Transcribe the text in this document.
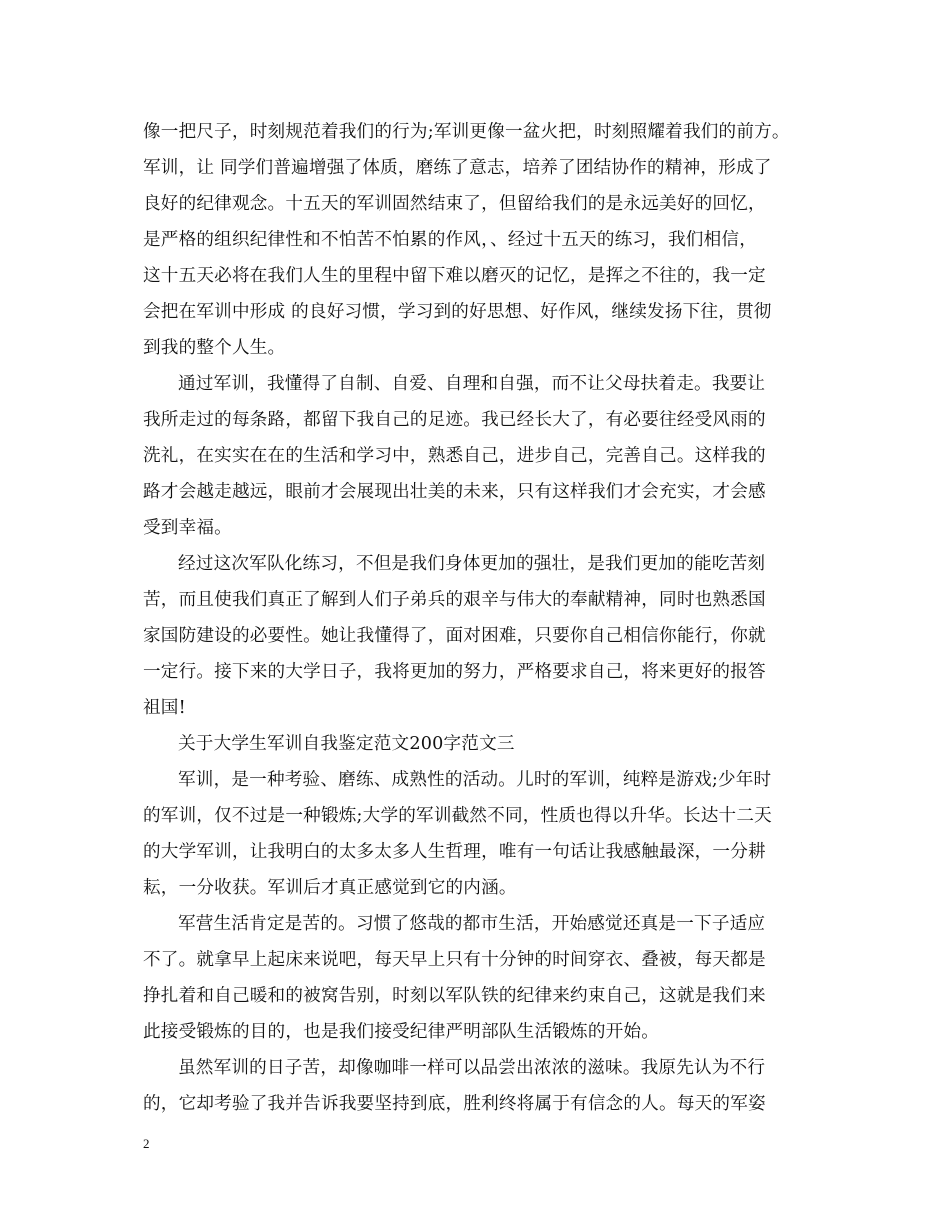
像一把尺子，时刻规范着我们的行为;军训更像一盆火把，时刻照耀着我们的前方。
军训，让 同学们普遍增强了体质，磨练了意志，培养了团结协作的精神，形成了
良好的纪律观念。十五天的军训固然结束了，但留给我们的是永远美好的回忆，
是严格的组织纪律性和不怕苦不怕累的作风，、经过十五天的练习，我们相信，
这十五天必将在我们人生的里程中留下难以磨灭的记忆，是挥之不往的，我一定
会把在军训中形成 的良好习惯，学习到的好思想、好作风，继续发扬下往，贯彻
到我的整个人生。
通过军训，我懂得了自制、自爱、自理和自强，而不让父母扶着走。我要让
我所走过的每条路，都留下我自己的足迹。我已经长大了，有必要往经受风雨的
洗礼，在实实在在的生活和学习中，熟悉自己，进步自己，完善自己。这样我的
路才会越走越远，眼前才会展现出壮美的未来，只有这样我们才会充实，才会感
受到幸福。
经过这次军队化练习，不但是我们身体更加的强壮，是我们更加的能吃苦刻
苦，而且使我们真正了解到人们子弟兵的艰辛与伟大的奉献精神，同时也熟悉国
家国防建设的必要性。她让我懂得了，面对困难，只要你自己相信你能行，你就
一定行。接下来的大学日子，我将更加的努力，严格要求自己，将来更好的报答
祖国!
关于大学生军训自我鉴定范文200字范文三
军训，是一种考验、磨练、成熟性的活动。儿时的军训，纯粹是游戏;少年时
的军训，仅不过是一种锻炼;大学的军训截然不同，性质也得以升华。长达十二天
的大学军训，让我明白的太多太多人生哲理，唯有一句话让我感触最深，一分耕
耘，一分收获。军训后才真正感觉到它的内涵。
军营生活肯定是苦的。习惯了悠哉的都市生活，开始感觉还真是一下子适应
不了。就拿早上起床来说吧，每天早上只有十分钟的时间穿衣、叠被，每天都是
挣扎着和自己暖和的被窝告别，时刻以军队铁的纪律来约束自己，这就是我们来
此接受锻炼的目的，也是我们接受纪律严明部队生活锻炼的开始。
虽然军训的日子苦，却像咖啡一样可以品尝出浓浓的滋味。我原先认为不行
的，它却考验了我并告诉我要坚持到底，胜利终将属于有信念的人。每天的军姿
2
